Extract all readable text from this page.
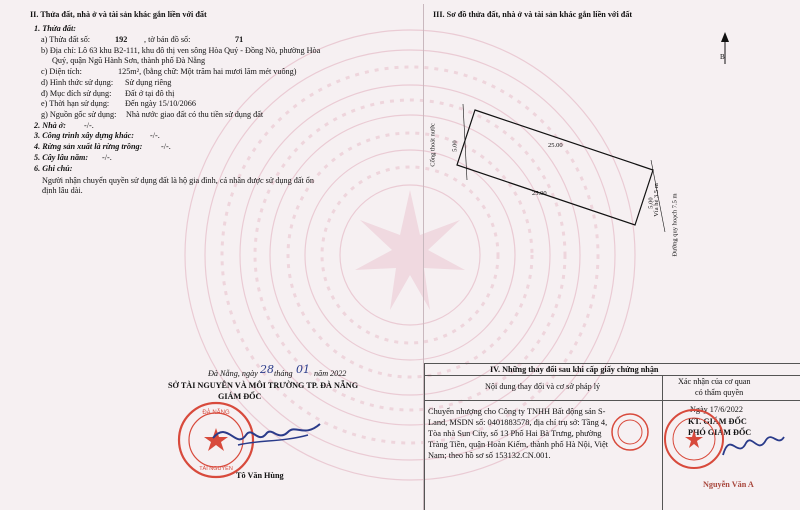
II. Thửa đất, nhà ở và tài sản khác gắn liền với đất
1. Thửa đất:
a) Thửa đất số:	192 , tờ bản đồ số:	71
b) Địa chỉ: Lô 63 khu B2-111, khu đô thị ven sông Hòa Quý - Đồng Nò, phường Hòa
Quý, quận Ngũ Hành Sơn, thành phố Đà Nẵng
c) Diện tích:	125m², (bằng chữ: Một trăm hai mươi lăm mét vuông)
d) Hình thức sử dụng: Sử dụng riêng
đ) Mục đích sử dụng: Đất ở tại đô thị
e) Thời hạn sử dụng: Đến ngày 15/10/2066
g) Nguồn gốc sử dụng: Nhà nước giao đất có thu tiền sử dụng đất
2. Nhà ở: -/-.
3. Công trình xây dựng khác: -/-.
4. Rừng sản xuất là rừng trồng: -/-.
5. Cây lâu năm: -/-.
6. Ghi chú:
Người nhận chuyển quyền sử dụng đất là hộ gia đình, cá nhân được sử dụng đất ổn
định lâu dài.
Đà Nẵng, ngày 28 tháng 01 năm 2022
SỞ TÀI NGUYÊN VÀ MÔI TRƯỜNG TP. ĐÀ NẴNG
GIÁM ĐỐC
ĐÀ NẴNG
TÀI NGUYÊN
Tô Văn Hùng
III. Sơ đồ thửa đất, nhà ở và tài sản khác gắn liền với đất
B
25.00
25.00
5.00
5.00
Cống thoát nước
Vỉa hè 3.5 m	Đường quy hoạch 7.5 m
IV. Những thay đổi sau khi cấp giấy chứng nhận
Nội dung thay đổi và cơ sở pháp lý
Xác nhận của cơ quan
có thẩm quyền
Chuyển nhượng cho Công ty TNHH Bất động sản S-
Land, MSDN số: 0401883578, địa chỉ trụ sở: Tầng 4,
Tòa nhà Sun City, số 13 Phố Hai Bà Trưng, phường
Tràng Tiền, quận Hoàn Kiếm, thành phố Hà Nội, Việt
Nam; theo hồ sơ số 153132.CN.001.
Ngày 17/6/2022
KT. GIÁM ĐỐC
PHÓ GIÁM ĐỐC
Nguyễn Văn A
